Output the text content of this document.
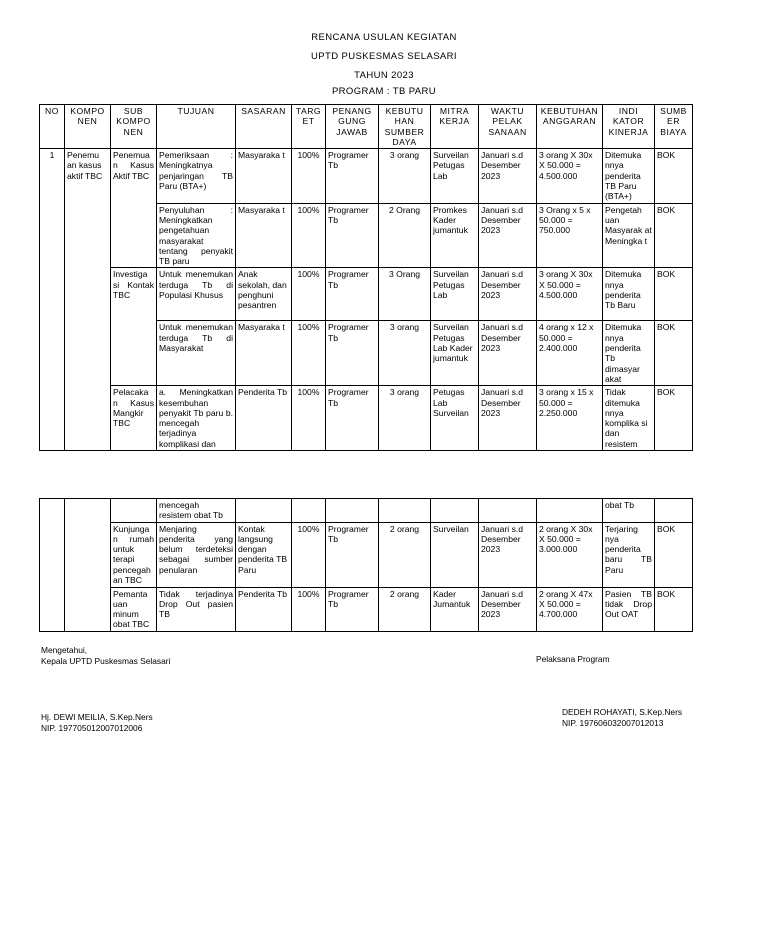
RENCANA USULAN KEGIATAN
UPTD PUSKESMAS SELASARI
TAHUN 2023
PROGRAM : TB PARU
NO	KOMPO NEN	SUB KOMPO NEN	TUJUAN	SASARAN	TARG ET	PENANG GUNG JAWAB	KEBUTU HAN SUMBER DAYA	MITRA KERJA	WAKTU PELAK SANAAN	KEBUTUHAN ANGGARAN	INDI KATOR KINERJA	SUMB ER BIAYA
1	Penemu an kasus aktif TBC	Penemua n Kasus Aktif TBC	Pemeriksaan : Meningkatnya penjaringan TB Paru (BTA+)	Masyaraka t	100%	Programer Tb	3 orang	Surveilan Petugas Lab	Januari s.d Desember 2023	3 orang X 30x X 50.000 = 4.500.000	Ditemuka nnya penderita TB Paru (BTA+)	BOK
			Penyuluhan : Meningkatkan pengetahuan masyarakat tentang penyakit TB paru	Masyaraka t	100%	Programer Tb	2 Orang	Promkes Kader jumantuk	Januari s.d Desember 2023	3 Orang x 5 x 50.000 = 750.000	Pengetah uan Masyarak at Meningka t	BOK
		Investiga si Kontak TBC	Untuk menemukan terduga Tb di Populasi Khusus	Anak sekolah, dan penghuni pesantren	100%	Programer Tb	3 Orang	Surveilan Petugas Lab	Januari s.d Desember 2023	3 orang X 30x X 50.000 = 4.500.000	Ditemuka nnya penderita Tb Baru	BOK
			Untuk menemukan terduga Tb di Masyarakat	Masyaraka t	100%	Programer Tb	3 orang	Surveilan Petugas Lab Kader jumantuk	Januari s.d Desember 2023	4 orang x 12 x 50.000 = 2.400.000	Ditemuka nnya penderita Tb dimasyar akat	BOK
		Pelacaka n Kasus Mangkir TBC	a. Meningkatkan kesembuhan penyakit Tb paru b. mencegah terjadinya komplikasi dan	Penderita Tb	100%	Programer Tb	3 orang	Petugas Lab Surveilan	Januari s.d Desember 2023	3 orang x 15 x 50.000 = 2.250.000	Tidak ditemuka nnya komplika si dan resistem	BOK
			mencegah resistem obat Tb								obat Tb	
		Kunjunga n rumah untuk terapi pencegah an TBC	Menjaring penderita yang belum terdeteksi sebagai sumber penularan	Kontak langsung dengan penderita TB Paru	100%	Programer Tb	2 orang	Surveilan	Januari s.d Desember 2023	2 orang X 30x X 50.000 = 3.000.000	Terjaring nya penderita baru TB Paru	BOK
		Pemanta uan minum obat TBC	Tidak terjadinya Drop Out pasien TB	Penderita Tb	100%	Programer Tb	2 orang	Kader Jumantuk	Januari s.d Desember 2023	2 orang X 47x X 50.000 = 4.700.000	Pasien TB tidak Drop Out OAT	BOK
Mengetahui,
Kepala UPTD Puskesmas Selasari	Pelaksana Program
Hj. DEWI MEILIA, S.Kep.Ners
NIP. 197705012007012006
DEDEH ROHAYATI, S.Kep.Ners
NIP. 197606032007012013
